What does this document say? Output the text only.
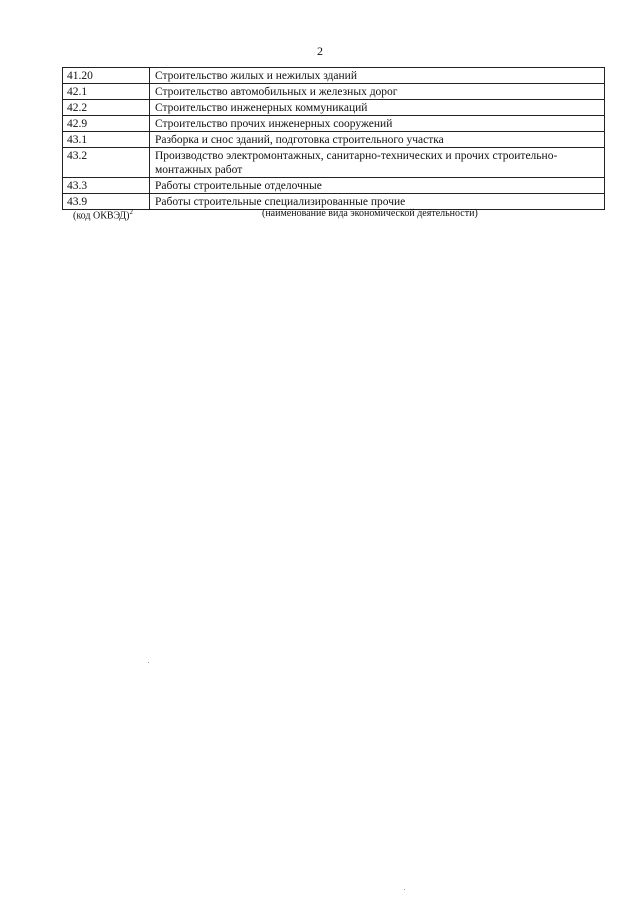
2
41.20	Строительство жилых и нежилых зданий
42.1	Строительство автомобильных и железных дорог
42.2	Строительство инженерных коммуникаций
42.9	Строительство прочих инженерных сооружений
43.1	Разборка и снос зданий, подготовка строительного участка
43.2	Производство электромонтажных, санитарно-технических и прочих строительно-монтажных работ
43.3	Работы строительные отделочные
43.9	Работы строительные специализированные прочие
(код ОКВЭД)$^2$	(наименование вида экономической деятельности)
